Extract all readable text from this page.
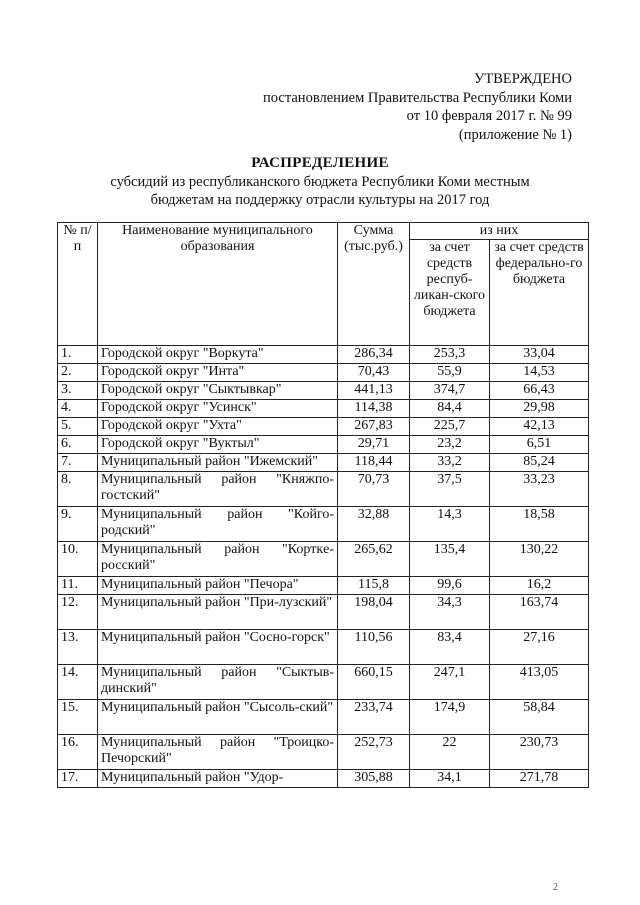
УТВЕРЖДЕНО
постановлением Правительства Республики Коми
от 10 февраля 2017 г. № 99
(приложение № 1)
РАСПРЕДЕЛЕНИЕ
субсидий из республиканского бюджета Республики Коми местным
бюджетам на поддержку отрасли культуры на 2017 год
№ п/п	Наименование муниципального образования	Сумма (тыс.руб.)	из них	
			за счет средств респуб-ликан-ского бюджета	за счет средств федерально-го бюджета
1.	Городской округ "Воркута"	286,34	253,3	33,04
2.	Городской округ "Инта"	70,43	55,9	14,53
3.	Городской округ "Сыктывкар"	441,13	374,7	66,43
4.	Городской округ "Усинск"	114,38	84,4	29,98
5.	Городской округ "Ухта"	267,83	225,7	42,13
6.	Городской округ "Вуктыл"	29,71	23,2	6,51
7.	Муниципальный район "Ижемский"	118,44	33,2	85,24
8.	Муниципальный район "Княжпо-гостский"	70,73	37,5	33,23
9.	Муниципальный район "Койго-родский"	32,88	14,3	18,58
10.	Муниципальный район "Корткe-росский"	265,62	135,4	130,22
11.	Муниципальный район "Печора"	115,8	99,6	16,2
12.	Муниципальный район "При-лузский"	198,04	34,3	163,74
13.	Муниципальный район "Сосно-горск"	110,56	83,4	27,16
14.	Муниципальный район "Сыктыв-динский"	660,15	247,1	413,05
15.	Муниципальный район "Сысоль-ский"	233,74	174,9	58,84
16.	Муниципальный район "Троицко-Печорский"	252,73	22	230,73
17.	Муниципальный район "Удор-	305,88	34,1	271,78
2
